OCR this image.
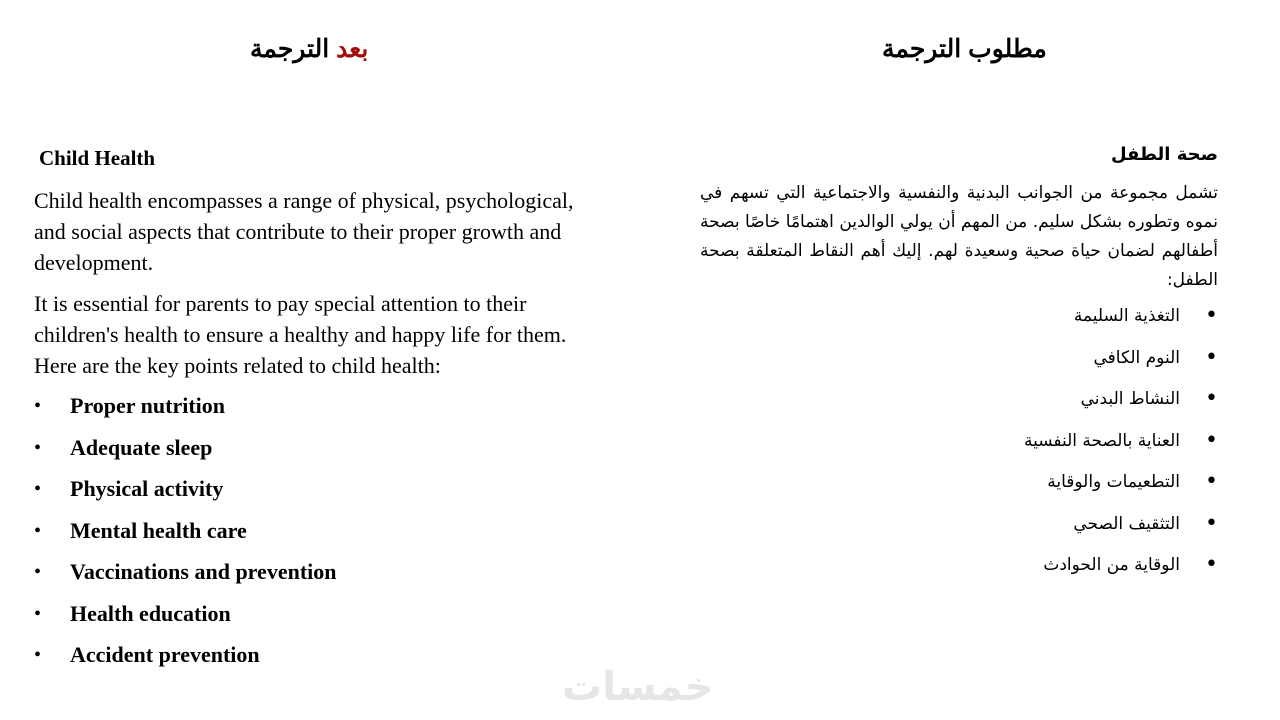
بعد الترجمة	مطلوب الترجمة
Child Health

Child health encompasses a range of physical, psychological, and social aspects that contribute to their proper growth and development.

It is essential for parents to pay special attention to their children's health to ensure a healthy and happy life for them. Here are the key points related to child health:

• Proper nutrition
• Adequate sleep
• Physical activity
• Mental health care
• Vaccinations and prevention
• Health education
• Accident prevention
صحة الطفل

تشمل مجموعة من الجوانب البدنية والنفسية والاجتماعية التي تسهم في نموه وتطوره بشكل سليم. من المهم أن يولي الوالدين اهتمامًا خاصًا بصحة أطفالهم لضمان حياة صحية وسعيدة لهم. إليك أهم النقاط المتعلقة بصحة الطفل:

•
التغذية السليمة
•
النوم الكافي
•
النشاط البدني
•
العناية بالصحة النفسية
•
التطعيمات والوقاية
•
التثقيف الصحي
•
الوقاية من الحوادث
خمسات
